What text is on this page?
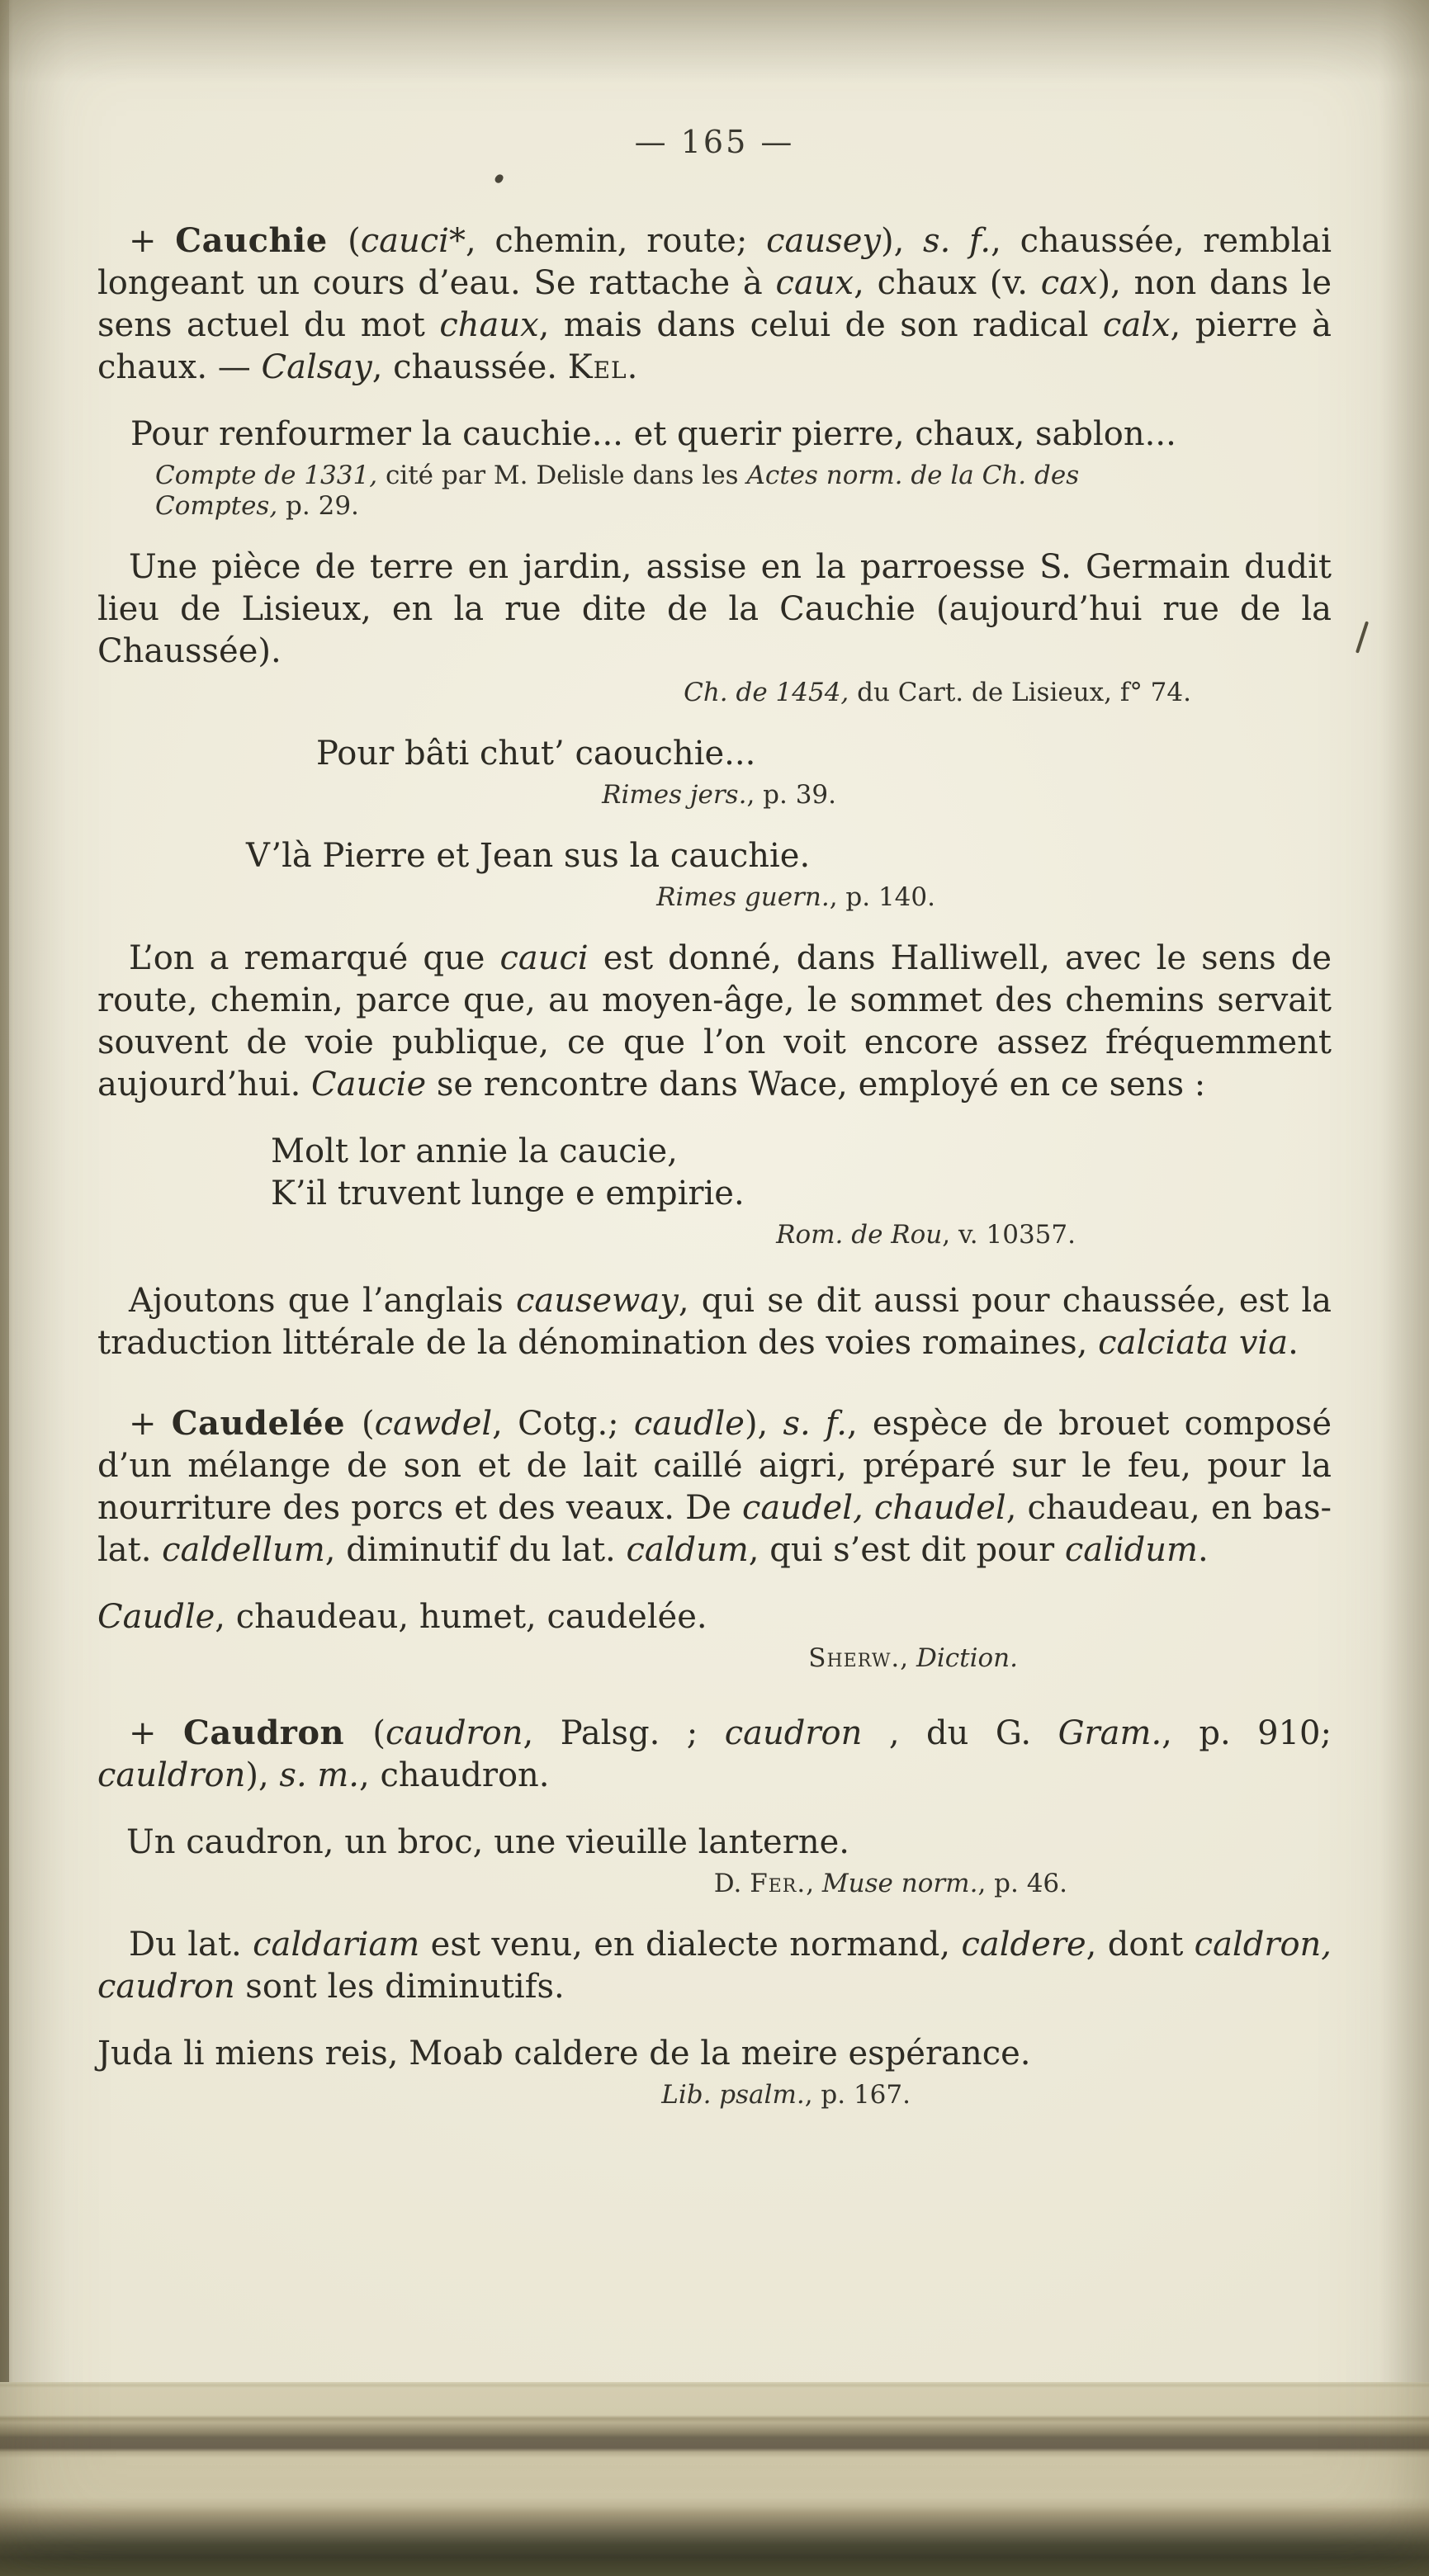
— 165 —

+ Cauchie (cauci*, chemin, route; causey), s. f., chaussée, remblai longeant un cours d’eau. Se rattache à caux, chaux (v. cax), non dans le sens actuel du mot chaux, mais dans celui de son radical calx, pierre à chaux. — Calsay, chaussée. Kel.

Pour renfourmer la cauchie... et querir pierre, chaux, sablon...

Compte de 1331, cité par M. Delisle dans les Actes norm. de la Ch. des Comptes, p. 29.

Une pièce de terre en jardin, assise en la parroesse S. Germain dudit lieu de Lisieux, en la rue dite de la Cauchie (aujourd’hui rue de la Chaussée).

Ch. de 1454, du Cart. de Lisieux, f° 74.

Pour bâti chut’ caouchie...

Rimes jers., p. 39.

V’là Pierre et Jean sus la cauchie.

Rimes guern., p. 140.

L’on a remarqué que cauci est donné, dans Halliwell, avec le sens de route, chemin, parce que, au moyen-âge, le sommet des chemins servait souvent de voie publique, ce que l’on voit encore assez fréquemment aujourd’hui. Caucie se rencontre dans Wace, employé en ce sens :

Molt lor annie la caucie,
K’il truvent lunge e empirie.

Rom. de Rou, v. 10357.

Ajoutons que l’anglais causeway, qui se dit aussi pour chaussée, est la traduction littérale de la dénomination des voies romaines, calciata via.

+ Caudelée (cawdel, Cotg.; caudle), s. f., espèce de brouet composé d’un mélange de son et de lait caillé aigri, préparé sur le feu, pour la nourriture des porcs et des veaux. De caudel, chaudel, chaudeau, en bas-lat. caldellum, diminutif du lat. caldum, qui s’est dit pour calidum.

Caudle, chaudeau, humet, caudelée.

Sherw., Diction.

+ Caudron (caudron, Palsg. ; caudron , du G. Gram., p. 910; cauldron), s. m., chaudron.

Un caudron, un broc, une vieuille lanterne.

D. Fer., Muse norm., p. 46.

Du lat. caldariam est venu, en dialecte normand, caldere, dont caldron, caudron sont les diminutifs.

Juda li miens reis, Moab caldere de la meire espérance.

Lib. psalm., p. 167.
